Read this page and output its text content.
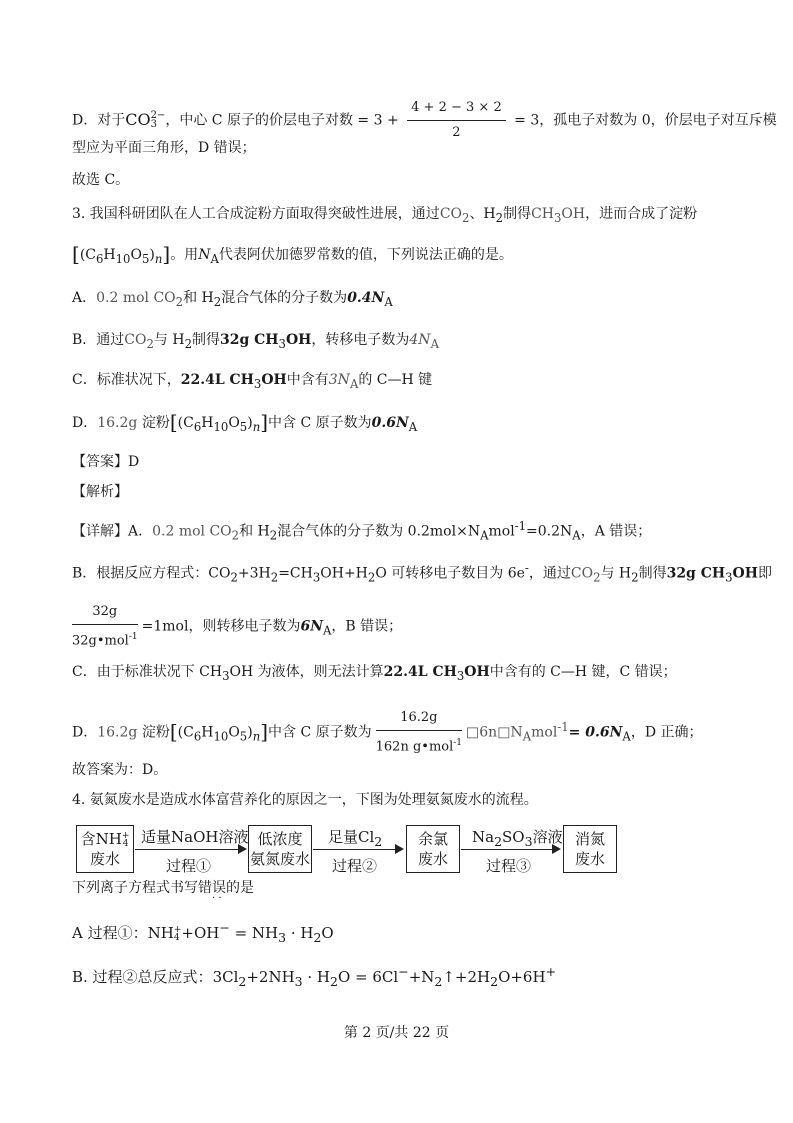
D．对于CO 2−
3 ，中心 C 原子的价层电子对数 = $3 + \frac{4 + 2 - 3 \times 2}{2} = 3$，孤电子对数为 0，价层电子对互斥模
型应为平面三角形，D 错误；
故选 C。
3. 我国科研团队在人工合成淀粉方面取得突破性进展，通过$CO_2$、$H_2$制得$CH_3OH$，进而合成了淀粉
$[(C_6H_{10}O_5)_n]$。用$N_A$代表阿伏加德罗常数的值，下列说法正确的是。
A．0.2 mol $CO_2$和 $H_2$混合气体的分子数为$0.4N_A$
B．通过$CO_2$与 $H_2$制得32g $CH_3OH$，转移电子数为$4N_A$
C．标准状况下，22.4L $CH_3OH$中含有$3N_A$的 C—H 键
D．16.2g 淀粉$[(C_6H_{10}O_5)_n]$中含 C 原子数为$0.6N_A$
【答案】D
【解析】
【详解】A．0.2 mol $CO_2$和 $H_2$混合气体的分子数为 $0.2mol\times N_Amol^{-1}=0.2N_A$，A 错误；
B．根据反应方程式：$CO_2+3H_2=CH_3OH+H_2O$ 可转移电子数目为 6e-，通过$CO_2$与 $H_2$制得32g $CH_3OH$即
$\frac{32g}{32g•mol^{-1}} =1mol$，则转移电子数为$6N_A$，B 错误；
C．由于标准状况下 $CH_3OH$ 为液体，则无法计算22.4L $CH_3OH$中含有的 C—H 键，C 错误；
D．16.2g 淀粉$[(C_6H_{10}O_5)_n]$中含 C 原子数为 $\frac{16.2g}{162n g•mol^{-1}}$ $□6n□N_Amol^{-1}= 0.6N_A$，D 正确；
故答案为：D。
4. 氨氮废水是造成水体富营养化的原因之一，下图为处理氨氮废水的流程。
含NH +
4
废水
适量NaOH溶液
过程①
低浓度
氨氮废水
足量$Cl_2$
过程②
余氯
废水
$Na_2SO_3$溶液
过程③
消氮
废水
下列离子方程式书写错误的是
· ·
A 过程①：NH +
$4 +OH^- = NH_3 \cdot H_2O$
B. 过程②总反应式：$3Cl_2+2NH_3 \cdot H_2O$ = $6Cl^-+N_2↑+2H_2O+6H^+$
第 2 页/共 22 页
